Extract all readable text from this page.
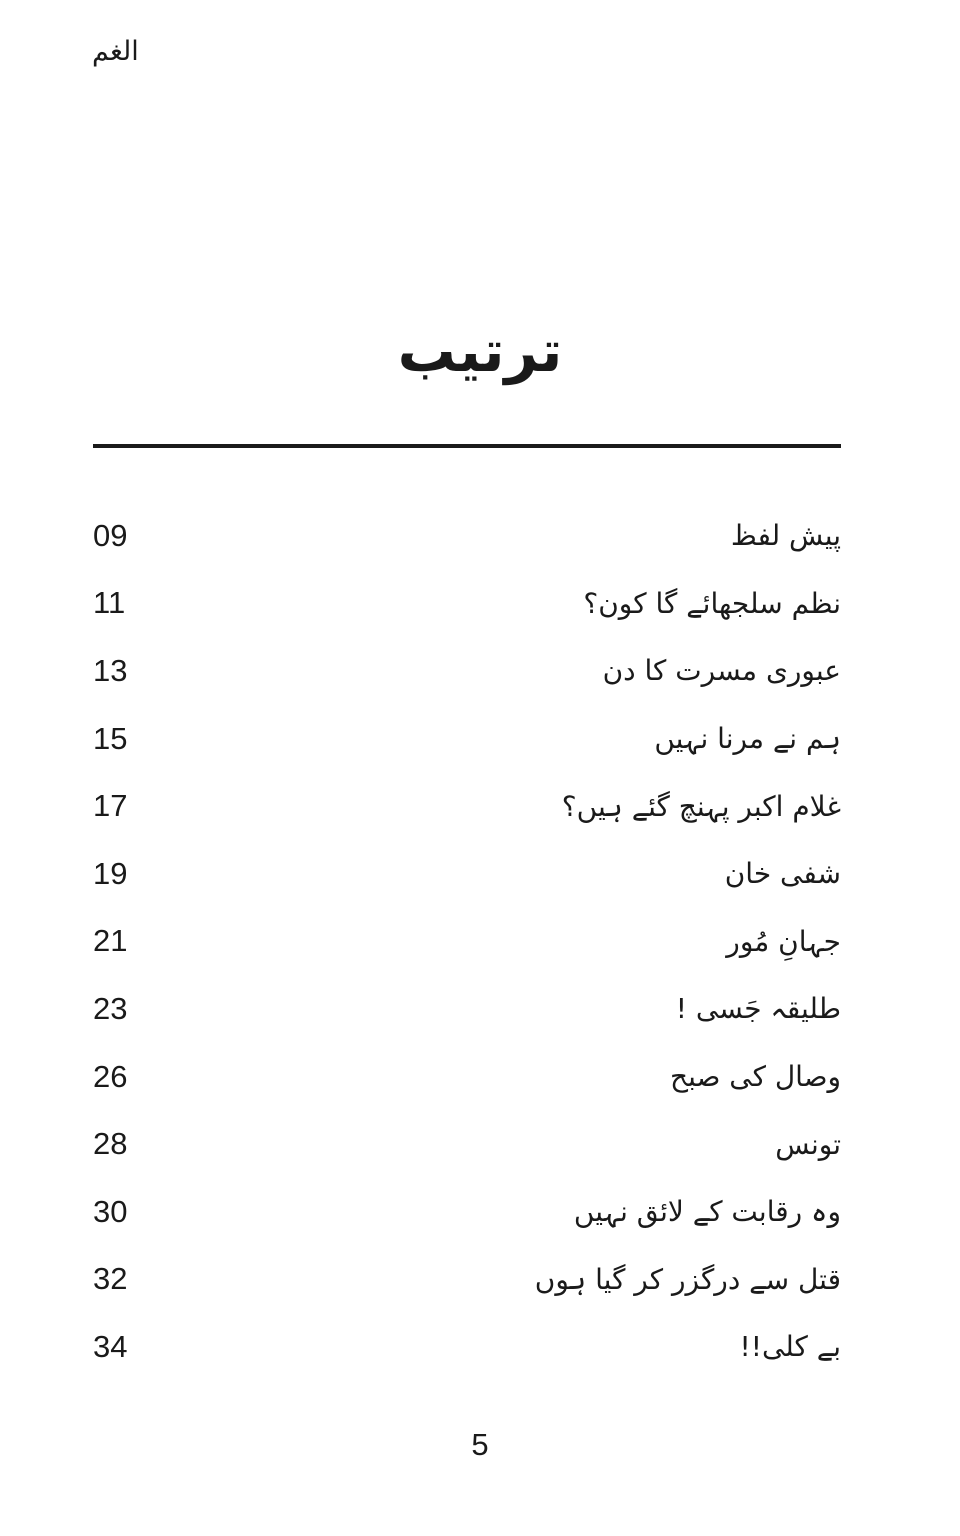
الغم
ترتیب
09	پیش لفظ
11	نظم سلجھائے گا کون؟
13	عبوری مسرت کا دن
15	ہم نے مرنا نہیں
17	غلام اکبر پہنچ گئے ہیں؟
19	شفی خان
21	جہانِ مُور
23	طلیقہ جَسی !
26	وصال کی صبح
28	تونس
30	وہ رقابت کے لائق نہیں
32	قتل سے درگزر کر گیا ہوں
34	بے کلی!!
5
